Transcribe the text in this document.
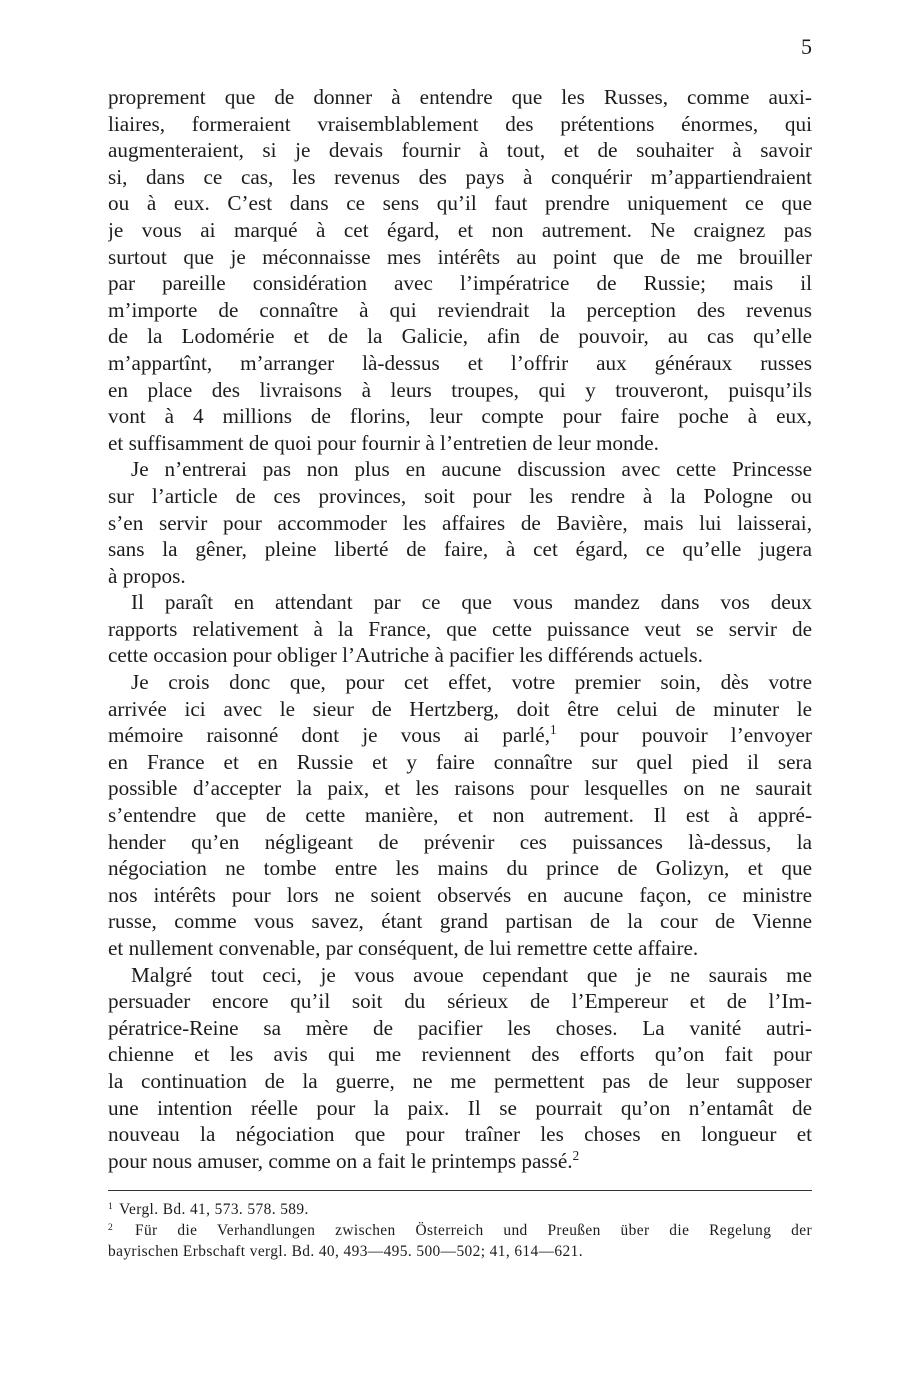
5

proprement que de donner à entendre que les Russes, comme auxi-
liaires, formeraient vraisemblablement des prétentions énormes, qui
augmenteraient, si je devais fournir à tout, et de souhaiter à savoir
si, dans ce cas, les revenus des pays à conquérir m’appartiendraient
ou à eux. C’est dans ce sens qu’il faut prendre uniquement ce que
je vous ai marqué à cet égard, et non autrement. Ne craignez pas
surtout que je méconnaisse mes intérêts au point que de me brouiller
par pareille considération avec l’impératrice de Russie; mais il
m’importe de connaître à qui reviendrait la perception des revenus
de la Lodomérie et de la Galicie, afin de pouvoir, au cas qu’elle
m’appartînt, m’arranger là-dessus et l’offrir aux généraux russes
en place des livraisons à leurs troupes, qui y trouveront, puisqu’ils
vont à 4 millions de florins, leur compte pour faire poche à eux,
et suffisamment de quoi pour fournir à l’entretien de leur monde.

Je n’entrerai pas non plus en aucune discussion avec cette Princesse
sur l’article de ces provinces, soit pour les rendre à la Pologne ou
s’en servir pour accommoder les affaires de Bavière, mais lui laisserai,
sans la gêner, pleine liberté de faire, à cet égard, ce qu’elle jugera
à propos.

Il paraît en attendant par ce que vous mandez dans vos deux
rapports relativement à la France, que cette puissance veut se servir de
cette occasion pour obliger l’Autriche à pacifier les différends actuels.

Je crois donc que, pour cet effet, votre premier soin, dès votre
arrivée ici avec le sieur de Hertzberg, doit être celui de minuter le
mémoire raisonné dont je vous ai parlé,$^1$ pour pouvoir l’envoyer
en France et en Russie et y faire connaître sur quel pied il sera
possible d’accepter la paix, et les raisons pour lesquelles on ne saurait
s’entendre que de cette manière, et non autrement. Il est à appré-
hender qu’en négligeant de prévenir ces puissances là-dessus, la
négociation ne tombe entre les mains du prince de Golizyn, et que
nos intérêts pour lors ne soient observés en aucune façon, ce ministre
russe, comme vous savez, étant grand partisan de la cour de Vienne
et nullement convenable, par conséquent, de lui remettre cette affaire.

Malgré tout ceci, je vous avoue cependant que je ne saurais me
persuader encore qu’il soit du sérieux de l’Empereur et de l’Im-
pératrice-Reine sa mère de pacifier les choses. La vanité autri-
chienne et les avis qui me reviennent des efforts qu’on fait pour
la continuation de la guerre, ne me permettent pas de leur supposer
une intention réelle pour la paix. Il se pourrait qu’on n’entamât de
nouveau la négociation que pour traîner les choses en longueur et
pour nous amuser, comme on a fait le printemps passé.$^2$

$^1$ Vergl. Bd. 41, 573. 578. 589.

$^2$ Für die Verhandlungen zwischen Österreich und Preußen über die Regelung der
bayrischen Erbschaft vergl. Bd. 40, 493—495. 500—502; 41, 614—621.
